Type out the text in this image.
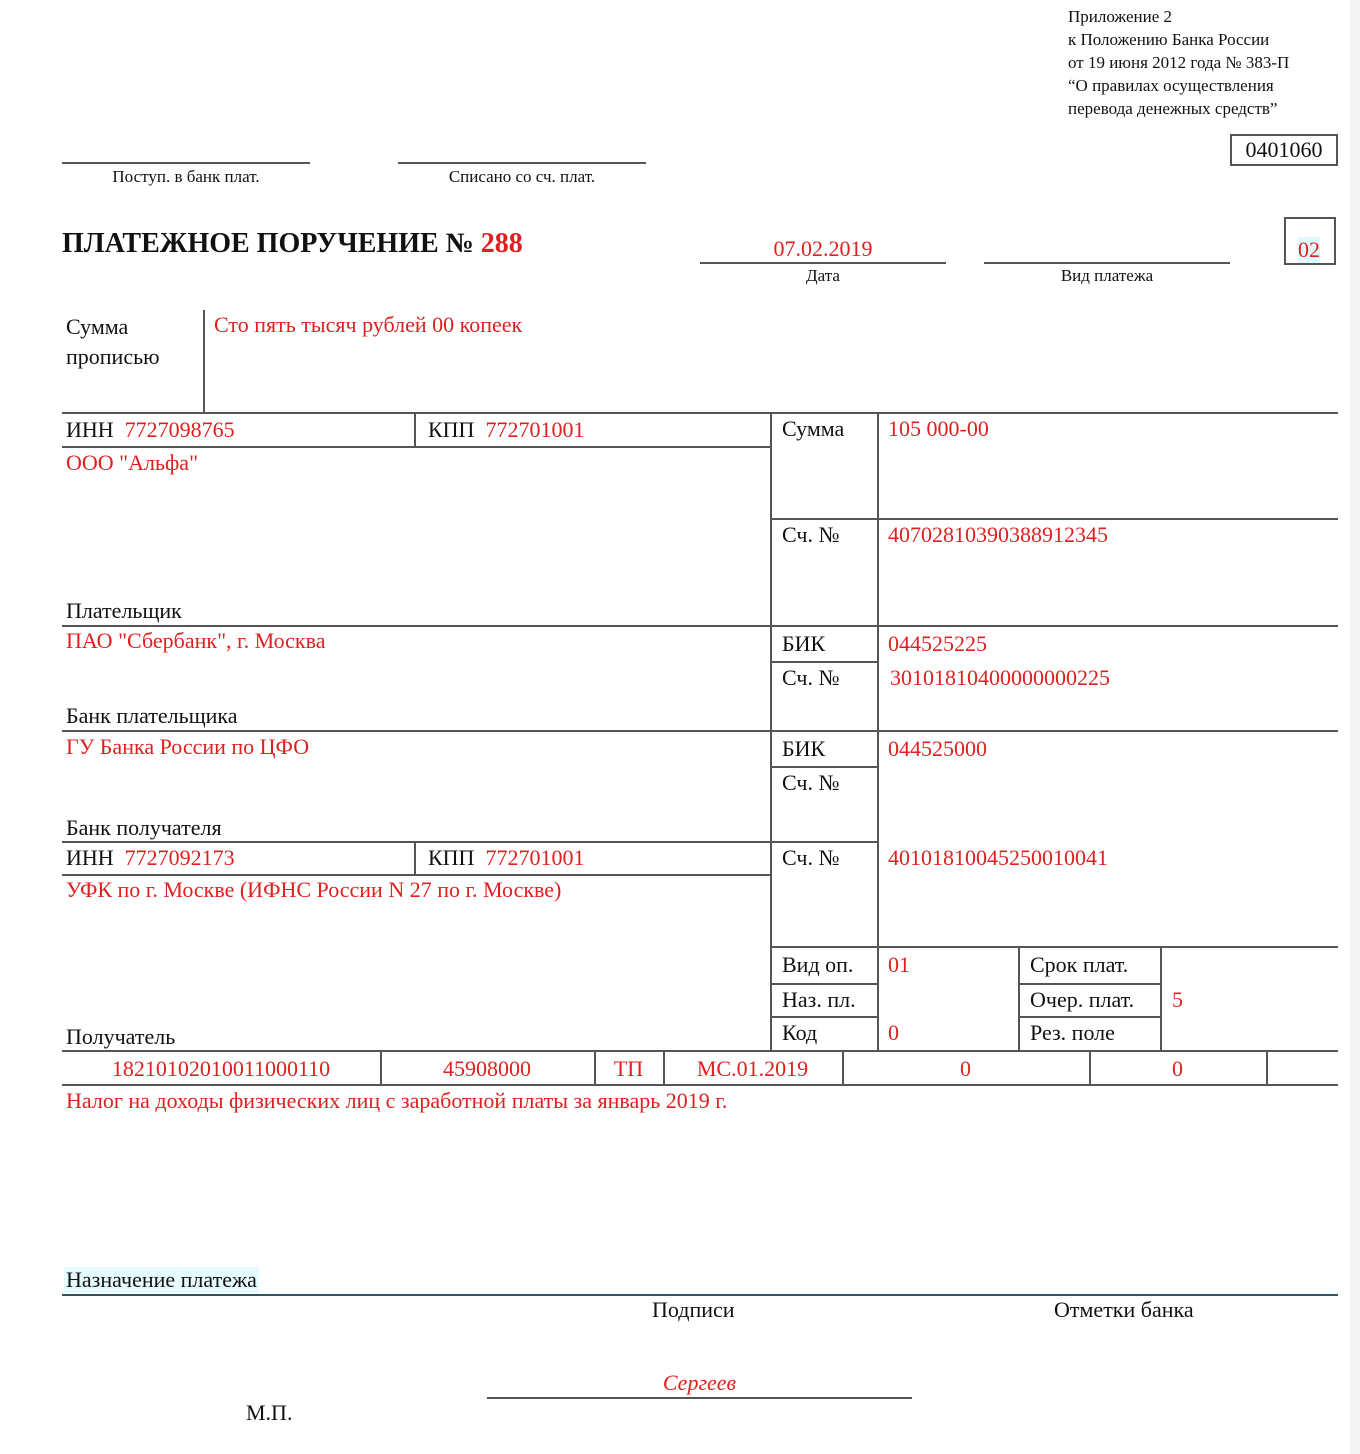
Приложение 2
к Положению Банка России
от 19 июня 2012 года № 383-П
“О правилах осуществления
перевода денежных средств”
0401060
Поступ. в банк плат.	Списано со сч. плат.
ПЛАТЕЖНОЕ ПОРУЧЕНИЕ № 288	07.02.2019
Дата	Вид платежа
02
Сумма
прописью
Сто пять тысяч рублей 00 копеек
ИНН 7727098765	КПП 772701001
ООО "Альфа"
Плательщик
Сумма 105 000-00
Сч. № 40702810390388912345
ПАО "Сбербанк", г. Москва
Банк плательщика
БИК	044525225
Сч. № 30101810400000000225
ГУ Банка России по ЦФО
Банк получателя
БИК	044525000
Сч. №
ИНН 7727092173	КПП 772701001
УФК по г. Москве (ИФНС России N 27 по г. Москве)
Получатель
Сч. № 40101810045250010041
Вид оп. 01
Наз. пл.
Код	0
Срок плат.
Очер. плат. 5
Рез. поле
18210102010011000110	45908000	ТП	МС.01.2019	0	0
Налог на доходы физических лиц с заработной платы за январь 2019 г.
Назначение платежа
Подписи	Отметки банка
Сергеев
М.П.
